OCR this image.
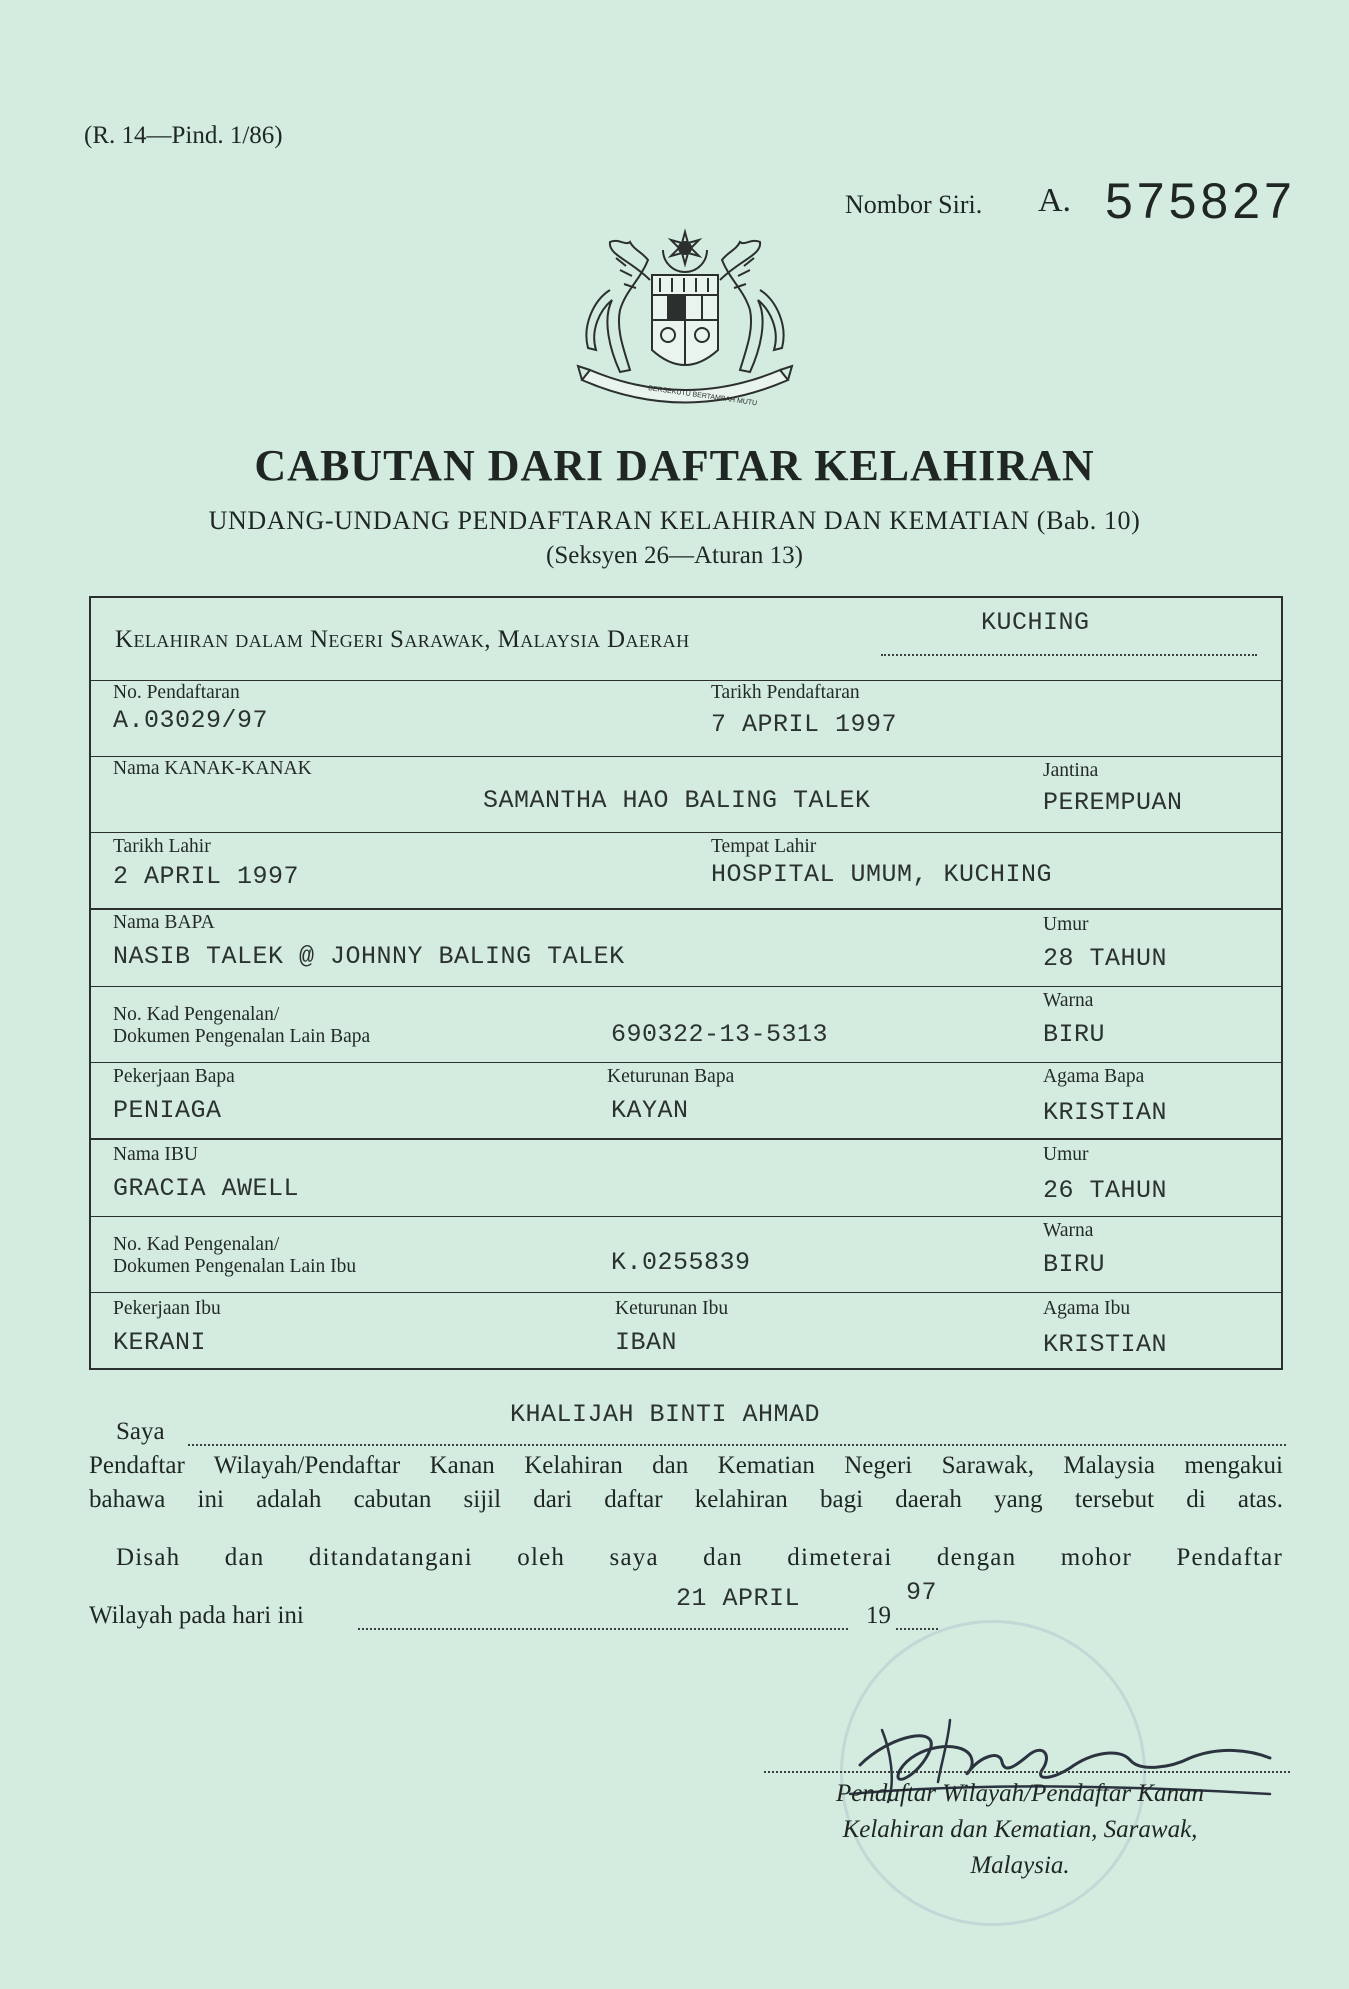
(R. 14—Pind. 1/86)
Nombor Siri. A. 575827
BERSEKUTU BERTAMBAH MUTU
CABUTAN DARI DAFTAR KELAHIRAN
UNDANG-UNDANG PENDAFTARAN KELAHIRAN DAN KEMATIAN (Bab. 10)
(Seksyen 26—Aturan 13)
Kelahiran dalam Negeri Sarawak, Malaysia Daerah
KUCHING
No. Pendaftaran
A.03029/97
Tarikh Pendaftaran
7 APRIL 1997
Nama KANAK-KANAK
SAMANTHA HAO BALING TALEK
Jantina
PEREMPUAN
Tarikh Lahir
2 APRIL 1997
Tempat Lahir
HOSPITAL UMUM, KUCHING
Nama BAPA
NASIB TALEK @ JOHNNY BALING TALEK
Umur
28 TAHUN
No. Kad Pengenalan/
Dokumen Pengenalan Lain Bapa	690322-13-5313
Warna
BIRU
Pekerjaan Bapa
PENIAGA
Keturunan Bapa
KAYAN
Agama Bapa
KRISTIAN
Nama IBU
GRACIA AWELL
Umur
26 TAHUN
No. Kad Pengenalan/
Dokumen Pengenalan Lain Ibu	K.0255839
Warna
BIRU
Pekerjaan Ibu
KERANI
Keturunan Ibu
IBAN
Agama Ibu
KRISTIAN
Saya
KHALIJAH BINTI AHMAD
Pendaftar Wilayah/Pendaftar Kanan Kelahiran dan Kematian Negeri Sarawak, Malaysia mengakui
bahawa ini adalah cabutan sijil dari daftar kelahiran bagi daerah yang tersebut di atas.
Disah dan ditandatangani oleh saya dan dimeterai dengan mohor Pendaftar
Wilayah pada hari ini
21 APRIL
19
97
Pendaftar Wilayah/Pendaftar Kanan
Kelahiran dan Kematian, Sarawak,
Malaysia.
